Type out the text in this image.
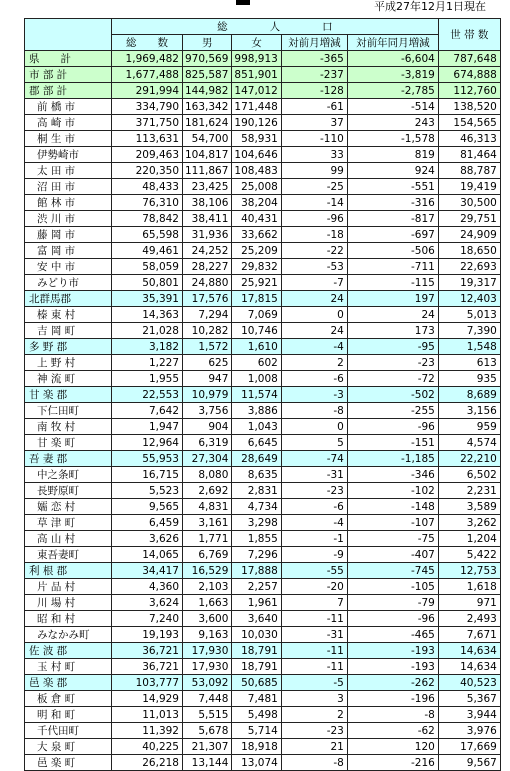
平成27年12月1日現在
	総　　　　人　　　　口					世 帯 数
	総　　数	男	女	対前月増減	対前年同月増減	
県　　計	1,969,482	970,569	998,913	-365	-6,604	787,648
市 部 計	1,677,488	825,587	851,901	-237	-3,819	674,888
郡 部 計	291,994	144,982	147,012	-128	-2,785	112,760
前 橋 市	334,790	163,342	171,448	-61	-514	138,520
高 崎 市	371,750	181,624	190,126	37	243	154,565
桐 生 市	113,631	54,700	58,931	-110	-1,578	46,313
伊勢崎市	209,463	104,817	104,646	33	819	81,464
太 田 市	220,350	111,867	108,483	99	924	88,787
沼 田 市	48,433	23,425	25,008	-25	-551	19,419
館 林 市	76,310	38,106	38,204	-14	-316	30,500
渋 川 市	78,842	38,411	40,431	-96	-817	29,751
藤 岡 市	65,598	31,936	33,662	-18	-697	24,909
富 岡 市	49,461	24,252	25,209	-22	-506	18,650
安 中 市	58,059	28,227	29,832	-53	-711	22,693
みどり市	50,801	24,880	25,921	-7	-115	19,317
北群馬郡	35,391	17,576	17,815	24	197	12,403
榛 東 村	14,363	7,294	7,069	0	24	5,013
吉 岡 町	21,028	10,282	10,746	24	173	7,390
多 野 郡	3,182	1,572	1,610	-4	-95	1,548
上 野 村	1,227	625	602	2	-23	613
神 流 町	1,955	947	1,008	-6	-72	935
甘 楽 郡	22,553	10,979	11,574	-3	-502	8,689
下仁田町	7,642	3,756	3,886	-8	-255	3,156
南 牧 村	1,947	904	1,043	0	-96	959
甘 楽 町	12,964	6,319	6,645	5	-151	4,574
吾 妻 郡	55,953	27,304	28,649	-74	-1,185	22,210
中之条町	16,715	8,080	8,635	-31	-346	6,502
長野原町	5,523	2,692	2,831	-23	-102	2,231
嬬 恋 村	9,565	4,831	4,734	-6	-148	3,589
草 津 町	6,459	3,161	3,298	-4	-107	3,262
高 山 村	3,626	1,771	1,855	-1	-75	1,204
東吾妻町	14,065	6,769	7,296	-9	-407	5,422
利 根 郡	34,417	16,529	17,888	-55	-745	12,753
片 品 村	4,360	2,103	2,257	-20	-105	1,618
川 場 村	3,624	1,663	1,961	7	-79	971
昭 和 村	7,240	3,600	3,640	-11	-96	2,493
みなかみ町	19,193	9,163	10,030	-31	-465	7,671
佐 波 郡	36,721	17,930	18,791	-11	-193	14,634
玉 村 町	36,721	17,930	18,791	-11	-193	14,634
邑 楽 郡	103,777	53,092	50,685	-5	-262	40,523
板 倉 町	14,929	7,448	7,481	3	-196	5,367
明 和 町	11,013	5,515	5,498	2	-8	3,944
千代田町	11,392	5,678	5,714	-23	-62	3,976
大 泉 町	40,225	21,307	18,918	21	120	17,669
邑 楽 町	26,218	13,144	13,074	-8	-216	9,567
